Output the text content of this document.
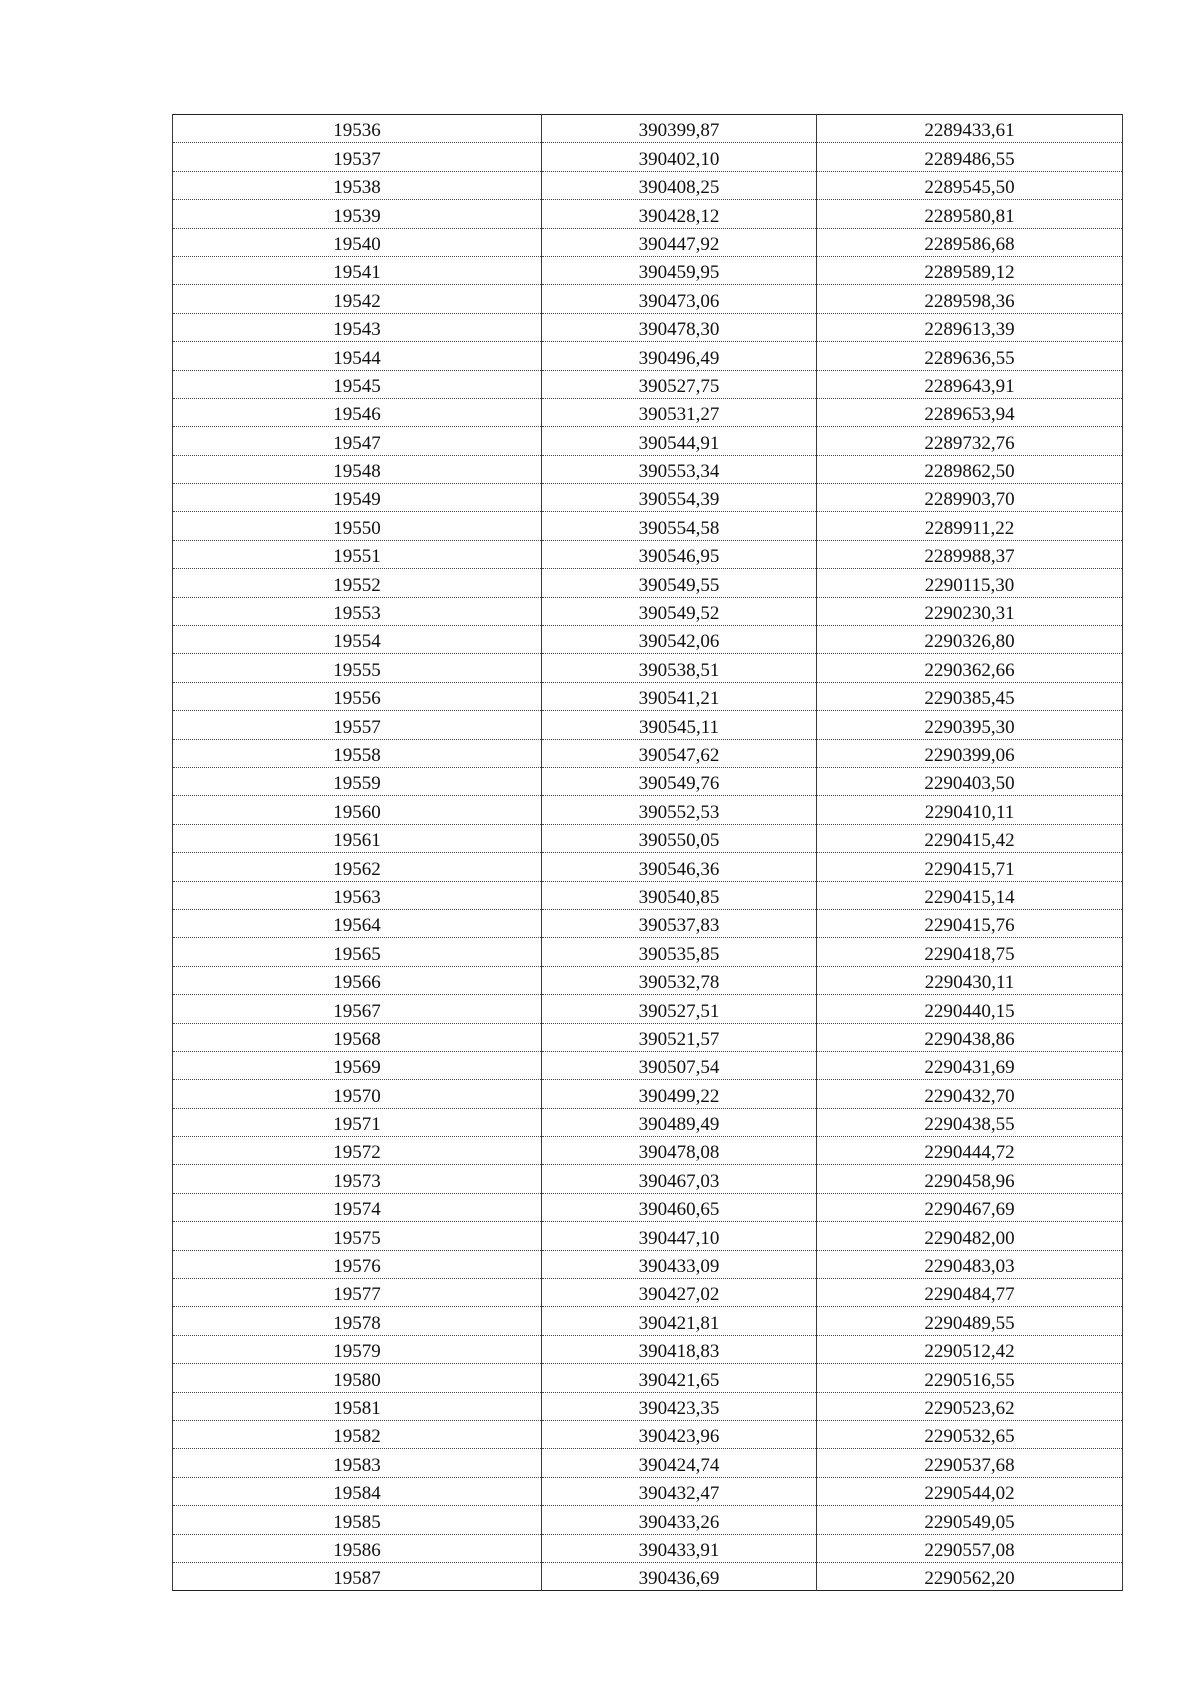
19536	390399,87	2289433,61
19537	390402,10	2289486,55
19538	390408,25	2289545,50
19539	390428,12	2289580,81
19540	390447,92	2289586,68
19541	390459,95	2289589,12
19542	390473,06	2289598,36
19543	390478,30	2289613,39
19544	390496,49	2289636,55
19545	390527,75	2289643,91
19546	390531,27	2289653,94
19547	390544,91	2289732,76
19548	390553,34	2289862,50
19549	390554,39	2289903,70
19550	390554,58	2289911,22
19551	390546,95	2289988,37
19552	390549,55	2290115,30
19553	390549,52	2290230,31
19554	390542,06	2290326,80
19555	390538,51	2290362,66
19556	390541,21	2290385,45
19557	390545,11	2290395,30
19558	390547,62	2290399,06
19559	390549,76	2290403,50
19560	390552,53	2290410,11
19561	390550,05	2290415,42
19562	390546,36	2290415,71
19563	390540,85	2290415,14
19564	390537,83	2290415,76
19565	390535,85	2290418,75
19566	390532,78	2290430,11
19567	390527,51	2290440,15
19568	390521,57	2290438,86
19569	390507,54	2290431,69
19570	390499,22	2290432,70
19571	390489,49	2290438,55
19572	390478,08	2290444,72
19573	390467,03	2290458,96
19574	390460,65	2290467,69
19575	390447,10	2290482,00
19576	390433,09	2290483,03
19577	390427,02	2290484,77
19578	390421,81	2290489,55
19579	390418,83	2290512,42
19580	390421,65	2290516,55
19581	390423,35	2290523,62
19582	390423,96	2290532,65
19583	390424,74	2290537,68
19584	390432,47	2290544,02
19585	390433,26	2290549,05
19586	390433,91	2290557,08
19587	390436,69	2290562,20
